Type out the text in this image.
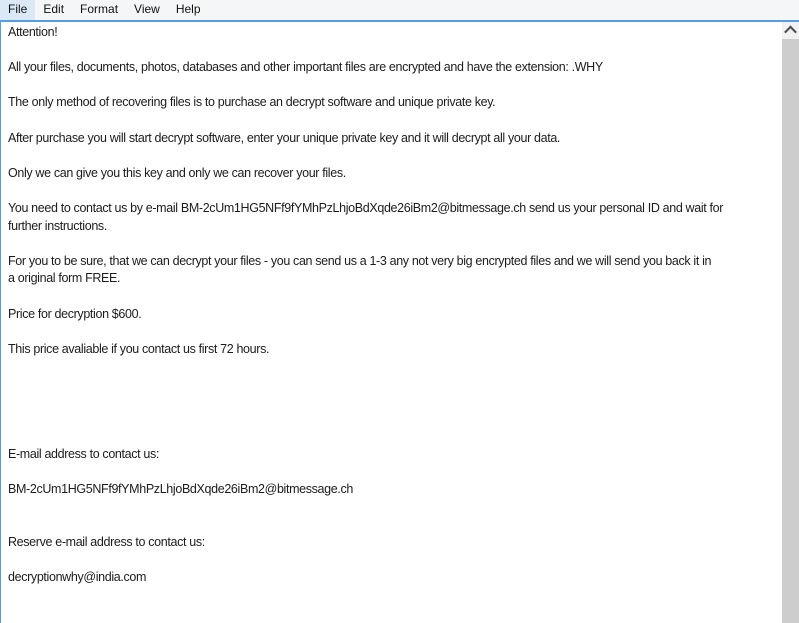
File	Edit	Format	View	Help
Attention!
All your files, documents, photos, databases and other important files are encrypted and have the extension: .WHY
The only method of recovering files is to purchase an decrypt software and unique private key.
After purchase you will start decrypt software, enter your unique private key and it will decrypt all your data.
Only we can give you this key and only we can recover your files.
You need to contact us by e-mail BM-2cUm1HG5NFf9fYMhPzLhjoBdXqde26iBm2@bitmessage.ch send us your personal ID and wait for
further instructions.
For you to be sure, that we can decrypt your files - you can send us a 1-3 any not very big encrypted files and we will send you back it in
a original form FREE.
Price for decryption $600.
This price avaliable if you contact us first 72 hours.
E-mail address to contact us:
BM-2cUm1HG5NFf9fYMhPzLhjoBdXqde26iBm2@bitmessage.ch
Reserve e-mail address to contact us:
decryptionwhy@india.com
